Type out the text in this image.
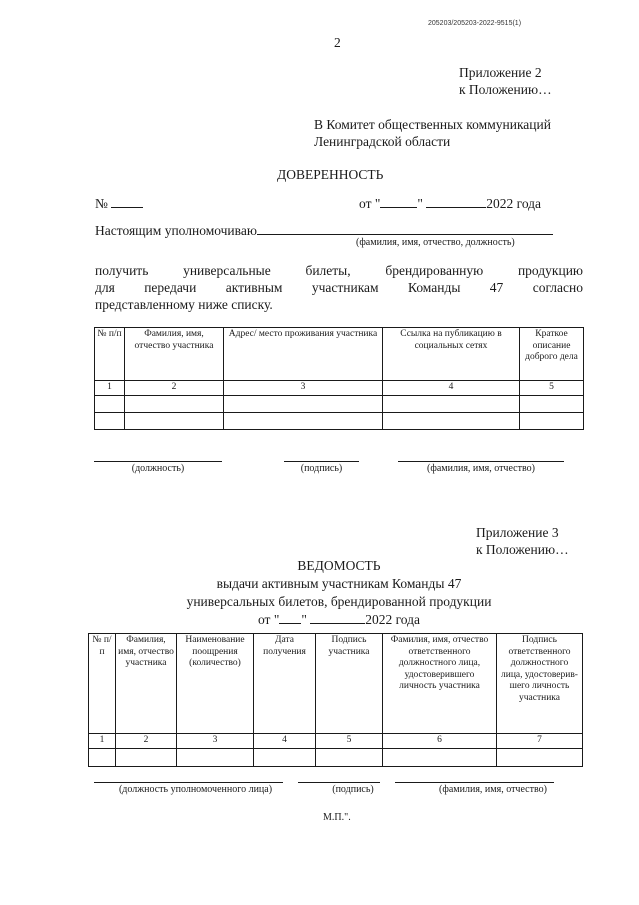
205203/205203-2022-9515(1)
2
Приложение 2
к Положению…
В Комитет общественных коммуникаций
Ленинградской области
ДОВЕРЕННОСТЬ
№	от "	"	2022 года
Настоящим уполномочиваю
(фамилия, имя, отчество, должность)
получить универсальные билеты, брендированную продукцию
для передачи активным участникам Команды 47 согласно
представленному ниже списку.
№ п/п	Фамилия, имя, отчество участника	Адрес/ место проживания участника	Ссылка на публикацию в социальных сетях	Краткое описание доброго дела
1	2	3	4	5

(должность)	(подпись)	(фамилия, имя, отчество)
Приложение 3
к Положению…
ВЕДОМОСТЬ
выдачи активным участникам Команды 47
универсальных билетов, брендированной продукции
от " "	2022 года
№ п/п	Фамилия, имя, отчество участника	Наименование поощрения (количество)	Дата получения	Подпись участника	Фамилия, имя, отчество ответственного должностного лица, удостоверившего личность участника	Подпись ответственного должностного лица, удостоверив-шего личность участника
1	2	3	4	5	6	7

(должность уполномоченного лица)	(подпись)	(фамилия, имя, отчество)
М.П.".
